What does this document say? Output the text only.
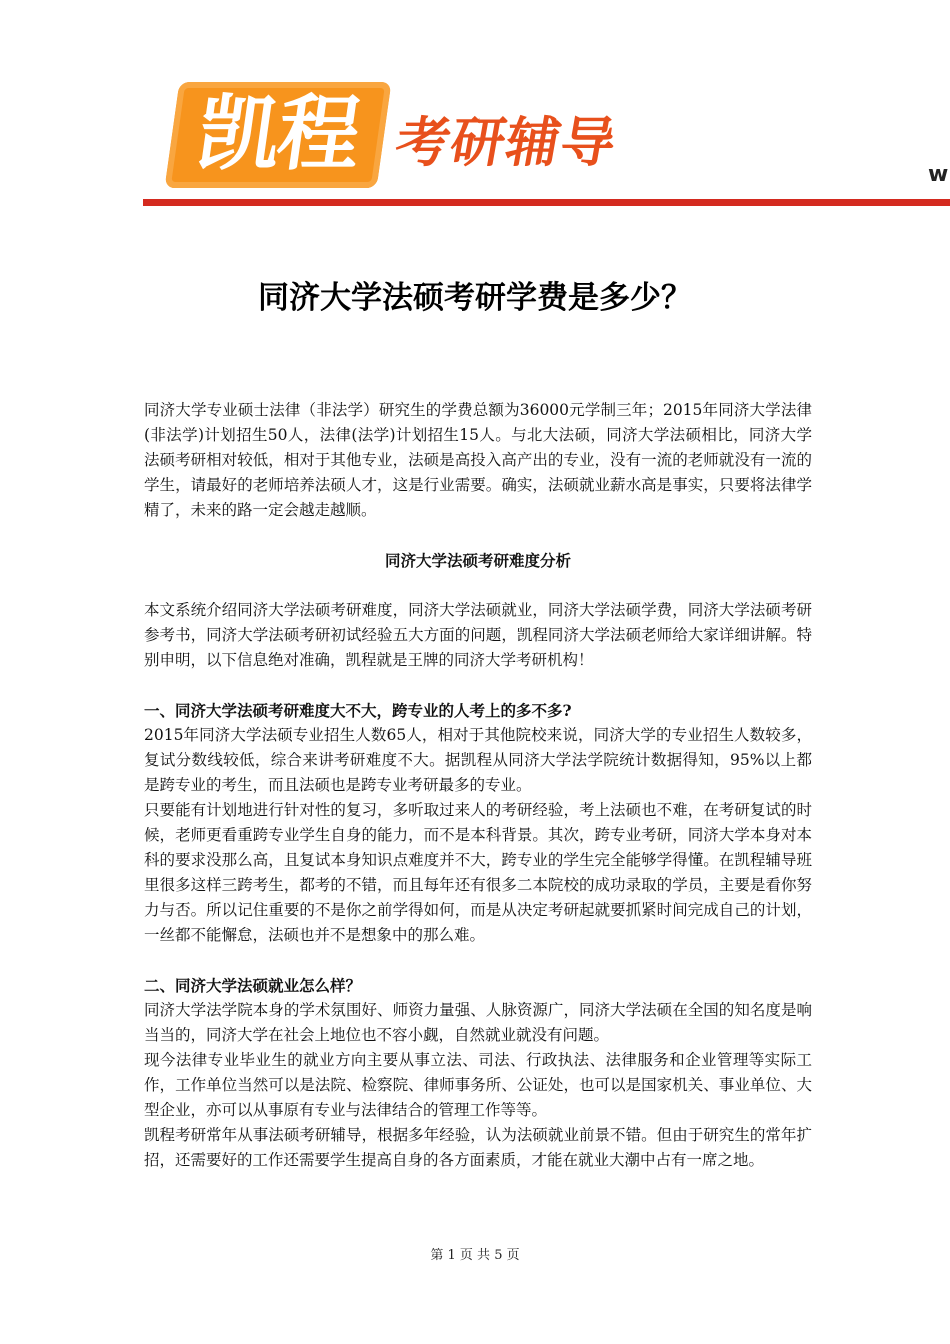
凯程 考研辅导
w
同济大学法硕考研学费是多少？

同济大学专业硕士法律（非法学）研究生的学费总额为36000元学制三年；2015年同济大学法律(非法学)计划招生50人，法律(法学)计划招生15人。与北大法硕，同济大学法硕相比，同济大学法硕考研相对较低，相对于其他专业，法硕是高投入高产出的专业，没有一流的老师就没有一流的学生，请最好的老师培养法硕人才，这是行业需要。确实，法硕就业薪水高是事实，只要将法律学精了，未来的路一定会越走越顺。

同济大学法硕考研难度分析

本文系统介绍同济大学法硕考研难度，同济大学法硕就业，同济大学法硕学费，同济大学法硕考研参考书，同济大学法硕考研初试经验五大方面的问题，凯程同济大学法硕老师给大家详细讲解。特别申明，以下信息绝对准确，凯程就是王牌的同济大学考研机构！

一、同济大学法硕考研难度大不大，跨专业的人考上的多不多?

2015年同济大学法硕专业招生人数65人，相对于其他院校来说，同济大学的专业招生人数较多，复试分数线较低，综合来讲考研难度不大。据凯程从同济大学法学院统计数据得知，95%以上都是跨专业的考生，而且法硕也是跨专业考研最多的专业。

只要能有计划地进行针对性的复习，多听取过来人的考研经验，考上法硕也不难，在考研复试的时候，老师更看重跨专业学生自身的能力，而不是本科背景。其次，跨专业考研，同济大学本身对本科的要求没那么高，且复试本身知识点难度并不大，跨专业的学生完全能够学得懂。在凯程辅导班里很多这样三跨考生，都考的不错，而且每年还有很多二本院校的成功录取的学员，主要是看你努力与否。所以记住重要的不是你之前学得如何，而是从决定考研起就要抓紧时间完成自己的计划，一丝都不能懈怠，法硕也并不是想象中的那么难。

二、同济大学法硕就业怎么样？

同济大学法学院本身的学术氛围好、师资力量强、人脉资源广，同济大学法硕在全国的知名度是响当当的，同济大学在社会上地位也不容小觑，自然就业就没有问题。

现今法律专业毕业生的就业方向主要从事立法、司法、行政执法、法律服务和企业管理等实际工作，工作单位当然可以是法院、检察院、律师事务所、公证处，也可以是国家机关、事业单位、大型企业，亦可以从事原有专业与法律结合的管理工作等等。

凯程考研常年从事法硕考研辅导，根据多年经验，认为法硕就业前景不错。但由于研究生的常年扩招，还需要好的工作还需要学生提高自身的各方面素质，才能在就业大潮中占有一席之地。

第 1 页 共 5 页
